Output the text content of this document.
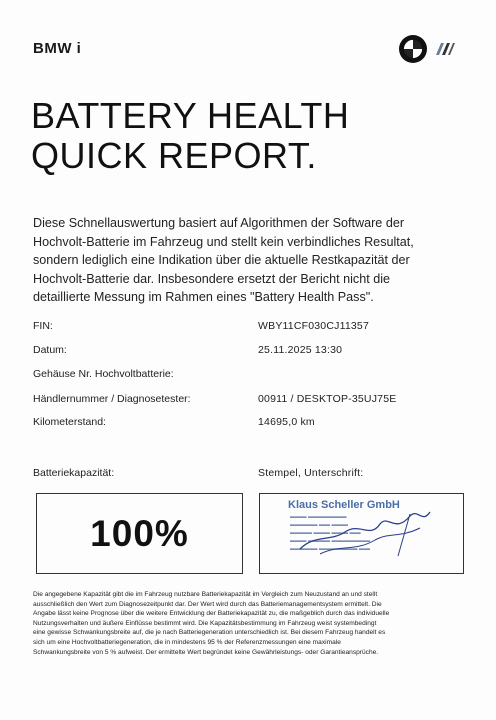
BMW i
BATTERY HEALTH
QUICK REPORT.
Diese Schnellauswertung basiert auf Algorithmen der Software der
Hochvolt-Batterie im Fahrzeug und stellt kein verbindliches Resultat,
sondern lediglich eine Indikation über die aktuelle Restkapazität der
Hochvolt-Batterie dar. Insbesondere ersetzt der Bericht nicht die
detaillierte Messung im Rahmen eines "Battery Health Pass".
FIN:	WBY11CF030CJ11357
Datum:	25.11.2025 13:30
Gehäuse Nr. Hochvoltbatterie:
Händlernummer / Diagnosetester:	00911 / DESKTOP-35UJ75E
Kilometerstand:	14695,0 km
Batteriekapazität:	Stempel, Unterschrift:
100%
Klaus Scheller GmbH
▬▬▬ ▬▬▬▬▬▬▬
▬▬▬▬▬ ▬▬ ▬▬▬
▬▬▬▬ ▬▬▬ ▬▬▬ ▬▬
▬▬▬ ▬▬▬▬ ▬▬▬▬▬▬▬
▬▬▬▬▬ ▬▬▬▬▬▬▬ ▬▬
Die angegebene Kapazität gibt die im Fahrzeug nutzbare Batteriekapazität im Vergleich zum Neuzustand an und stellt
ausschließlich den Wert zum Diagnosezeitpunkt dar. Der Wert wird durch das Batteriemanagementsystem ermittelt. Die
Angabe lässt keine Prognose über die weitere Entwicklung der Batteriekapazität zu, die maßgeblich durch das individuelle
Nutzungsverhalten und äußere Einflüsse bestimmt wird. Die Kapazitätsbestimmung im Fahrzeug weist systembedingt
eine gewisse Schwankungsbreite auf, die je nach Batteriegeneration unterschiedlich ist. Bei diesem Fahrzeug handelt es
sich um eine Hochvoltbatteriegeneration, die in mindestens 95 % der Referenzmessungen eine maximale
Schwankungsbreite von 5 % aufweist. Der ermittelte Wert begründet keine Gewährleistungs- oder Garantieansprüche.
